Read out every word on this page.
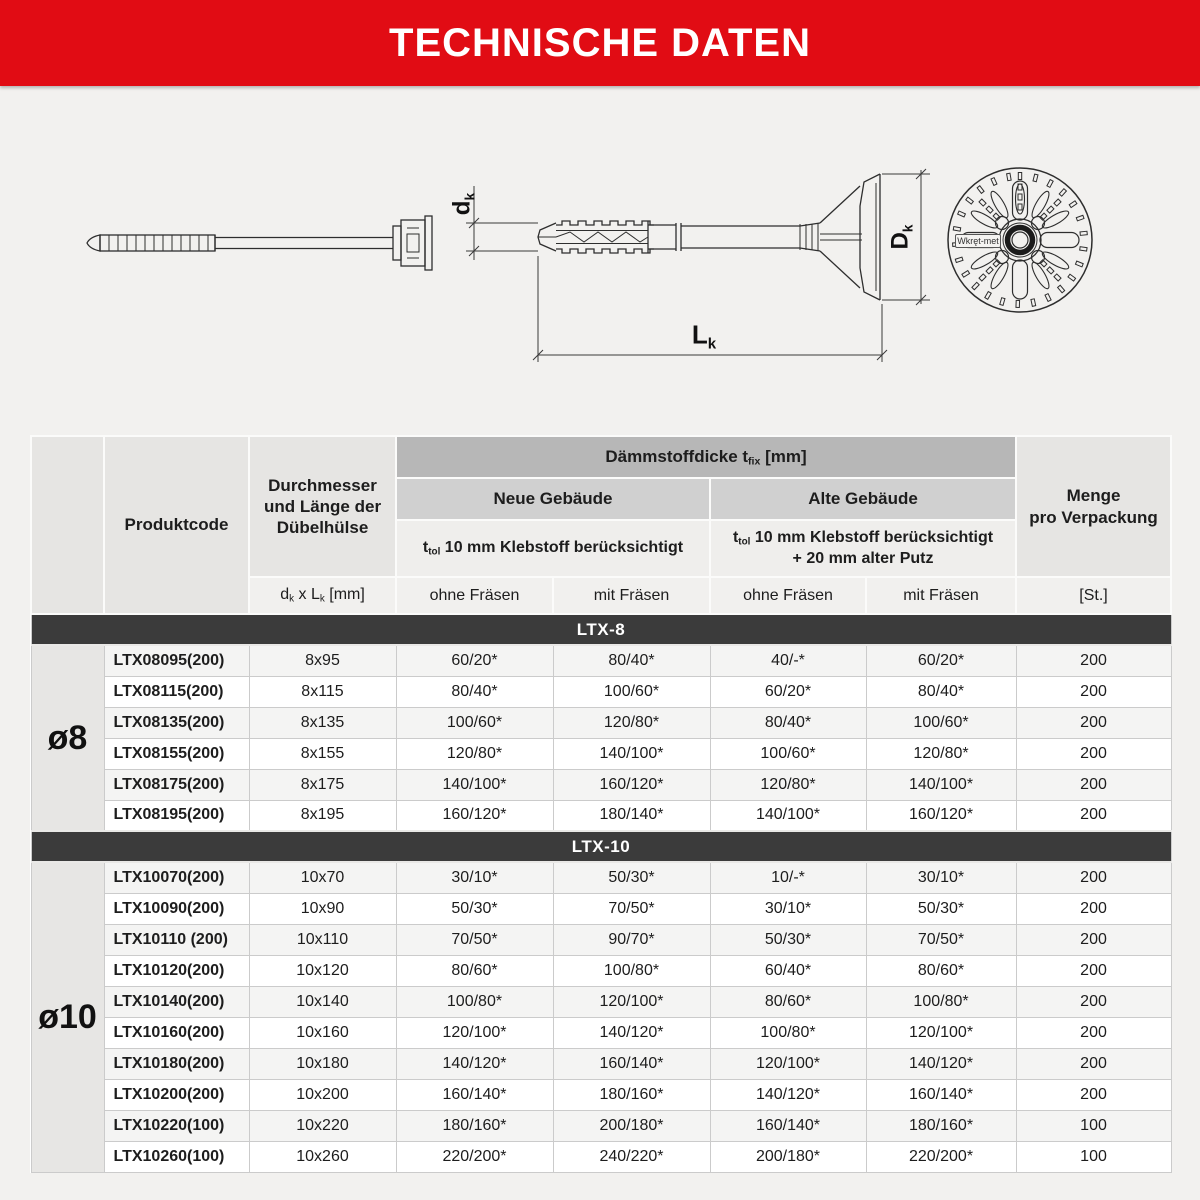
TECHNISCHE DATEN
$d_k$
$D_k$
$L_k$
Wkręt-met
	Produktcode	Durchmesser
und Länge der
Dübelhülse	Dämmstoffdicke $t_{fix}$ [mm]				Menge
pro Verpackung
			Neue Gebäude		Alte Gebäude		
			$t_{tol}$ 10 mm Klebstoff berücksichtigt		$t_{tol}$ 10 mm Klebstoff berücksichtigt
+ 20 mm alter Putz		
		$d_k$ x $L_k$ [mm]	ohne Fräsen	mit Fräsen	ohne Fräsen	mit Fräsen	[St.]
LTX-8							
ø8	LTX08095(200)	8x95	60/20*	80/40*	40/-*	60/20*	200
	LTX08115(200)	8x115	80/40*	100/60*	60/20*	80/40*	200
	LTX08135(200)	8x135	100/60*	120/80*	80/40*	100/60*	200
	LTX08155(200)	8x155	120/80*	140/100*	100/60*	120/80*	200
	LTX08175(200)	8x175	140/100*	160/120*	120/80*	140/100*	200
	LTX08195(200)	8x195	160/120*	180/140*	140/100*	160/120*	200
LTX-10							
ø10	LTX10070(200)	10x70	30/10*	50/30*	10/-*	30/10*	200
	LTX10090(200)	10x90	50/30*	70/50*	30/10*	50/30*	200
	LTX10110 (200)	10x110	70/50*	90/70*	50/30*	70/50*	200
	LTX10120(200)	10x120	80/60*	100/80*	60/40*	80/60*	200
	LTX10140(200)	10x140	100/80*	120/100*	80/60*	100/80*	200
	LTX10160(200)	10x160	120/100*	140/120*	100/80*	120/100*	200
	LTX10180(200)	10x180	140/120*	160/140*	120/100*	140/120*	200
	LTX10200(200)	10x200	160/140*	180/160*	140/120*	160/140*	200
	LTX10220(100)	10x220	180/160*	200/180*	160/140*	180/160*	100
	LTX10260(100)	10x260	220/200*	240/220*	200/180*	220/200*	100
